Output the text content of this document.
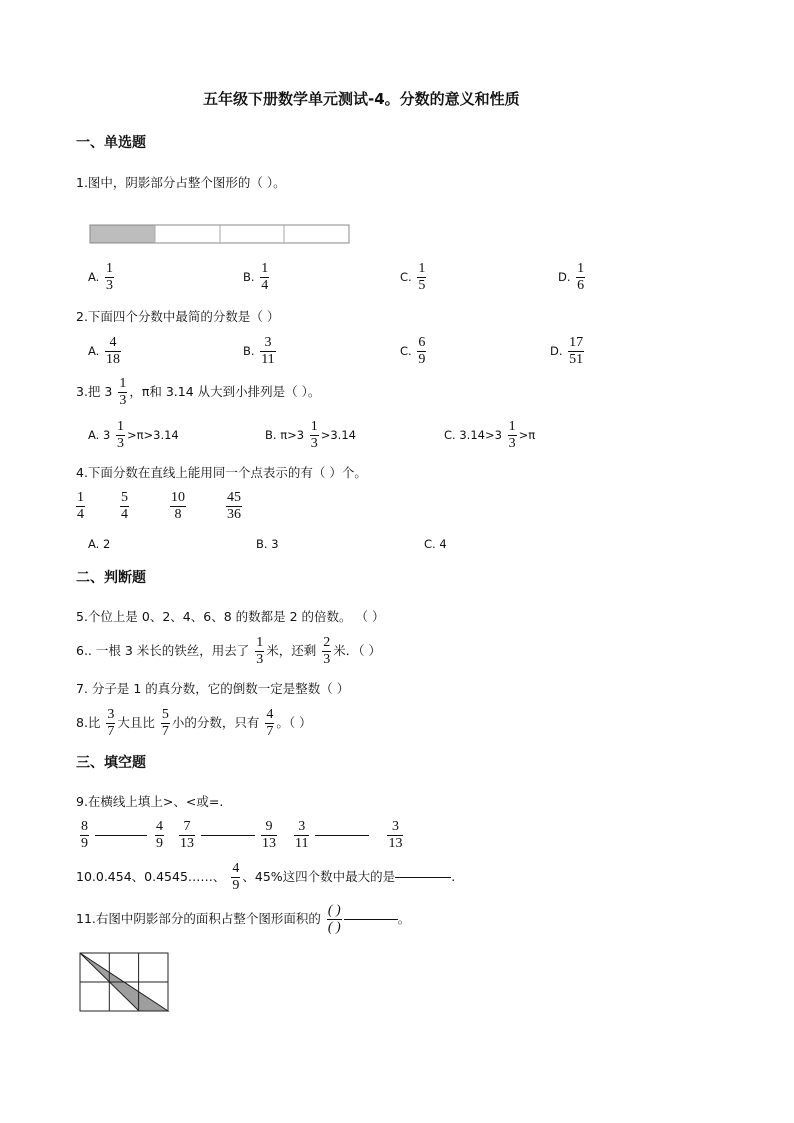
五年级下册数学单元测试-4。分数的意义和性质
一、单选题
1.图中，阴影部分占整个图形的（ ）。
A. $\frac{1}{3}$	B. $\frac{1}{4}$	C. $\frac{1}{5}$	D. $\frac{1}{6}$
2.下面四个分数中最简的分数是（ ）
A. $\frac{4}{18}$	B. $\frac{3}{11}$	C. $\frac{6}{9}$	D. $\frac{17}{51}$
3.把 $3 \frac{1}{3}$ ，π和 3.14 从大到小排列是（ ）。
A. $3 \frac{1}{3} >\pi>3.14$	B. $\pi>3 \frac{1}{3} >3.14$	C. $3.14>3 \frac{1}{3} >\pi$
4.下面分数在直线上能用同一个点表示的有（ ）个。
$\frac{1}{4}$	$\frac{5}{4}$	$\frac{10}{8}$	$\frac{45}{36}$
A. 2	B. 3	C. 4
二、判断题
5.个位上是 0、2、4、6、8 的数都是 2 的倍数。 （ ）
6.. 一根 3 米长的铁丝，用去了 $\frac{1}{3}$ 米，还剩 $\frac{2}{3}$ 米．（ ）
7. 分子是 1 的真分数，它的倒数一定是整数（ ）
8.比 $\frac{3}{7}$ 大且比 $\frac{5}{7}$ 小的分数，只有 $\frac{4}{7}$ 。（ ）
三、填空题
9.在横线上填上>、<或=.
$\frac{8}{9}$
	$\frac{4}{9} \frac{7}{13}$
	$\frac{9}{13} \frac{3}{11}$
	$\frac{3}{13}$
10.0.454、0.4545……、 $\frac{4}{9}$ 、45%这四个数中最大的是	.
11.右图中阴影部分的面积占整个图形面积的 $\frac{( )}{( )}$	。
